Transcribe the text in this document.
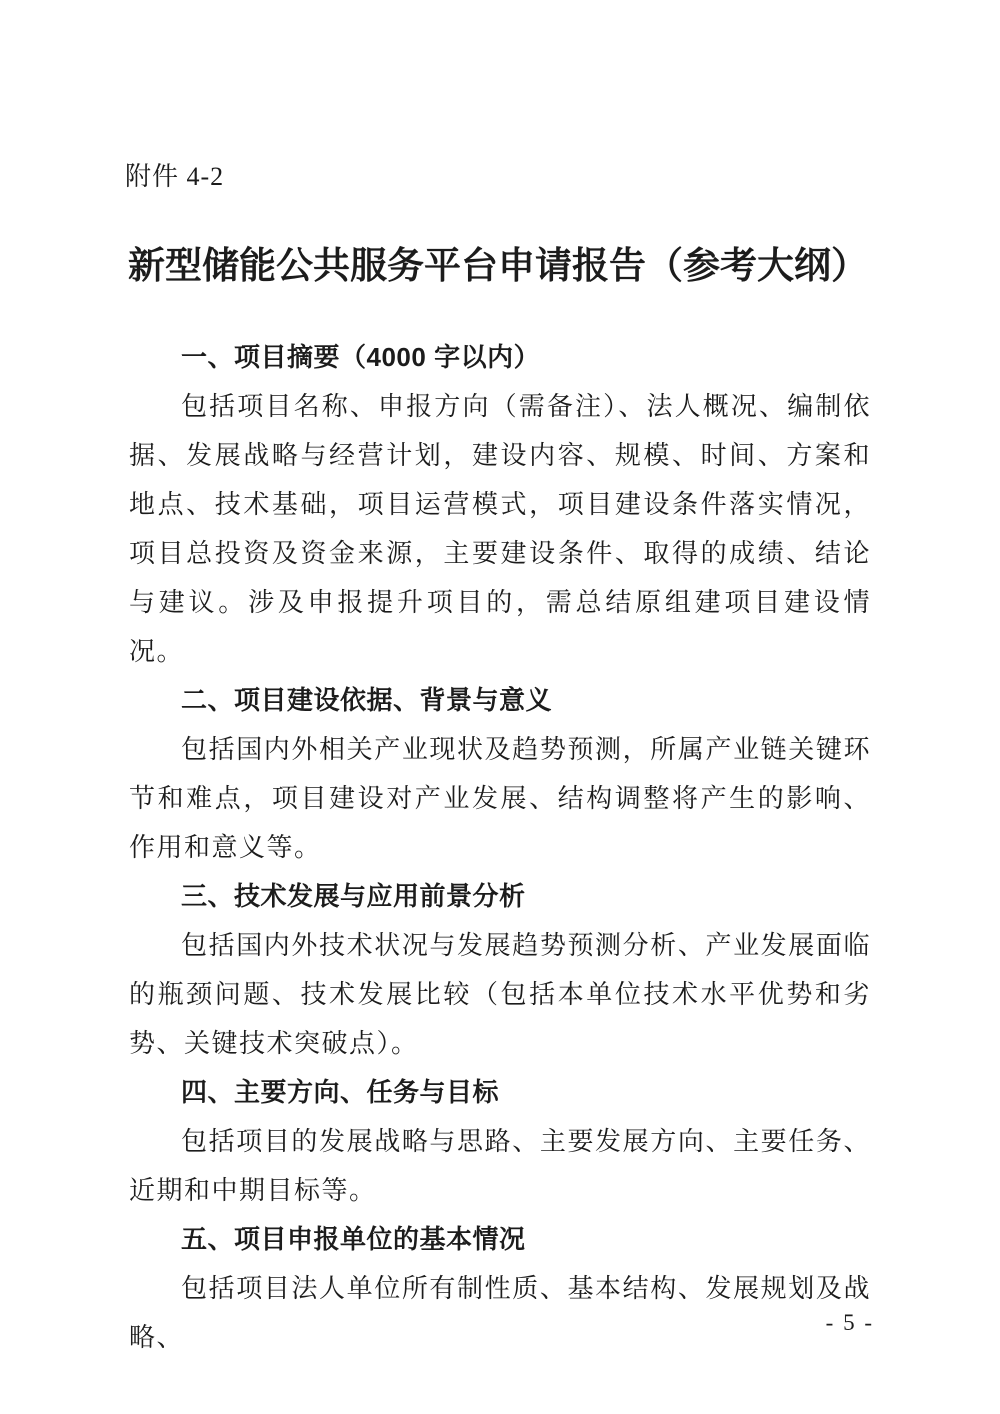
附件 4-2
新型储能公共服务平台申请报告（参考大纲）

一、项目摘要（4000 字以内）

包括项目名称、申报方向（需备注）、法人概况、编制依据、发展战略与经营计划，建设内容、规模、时间、方案和地点、技术基础，项目运营模式，项目建设条件落实情况，项目总投资及资金来源，主要建设条件、取得的成绩、结论与建议。涉及申报提升项目的，需总结原组建项目建设情况。

二、项目建设依据、背景与意义

包括国内外相关产业现状及趋势预测，所属产业链关键环节和难点，项目建设对产业发展、结构调整将产生的影响、作用和意义等。

三、技术发展与应用前景分析

包括国内外技术状况与发展趋势预测分析、产业发展面临的瓶颈问题、技术发展比较（包括本单位技术水平优势和劣势、关键技术突破点）。

四、主要方向、任务与目标

包括项目的发展战略与思路、主要发展方向、主要任务、近期和中期目标等。

五、项目申报单位的基本情况

包括项目法人单位所有制性质、基本结构、发展规划及战略、

- 5 -
